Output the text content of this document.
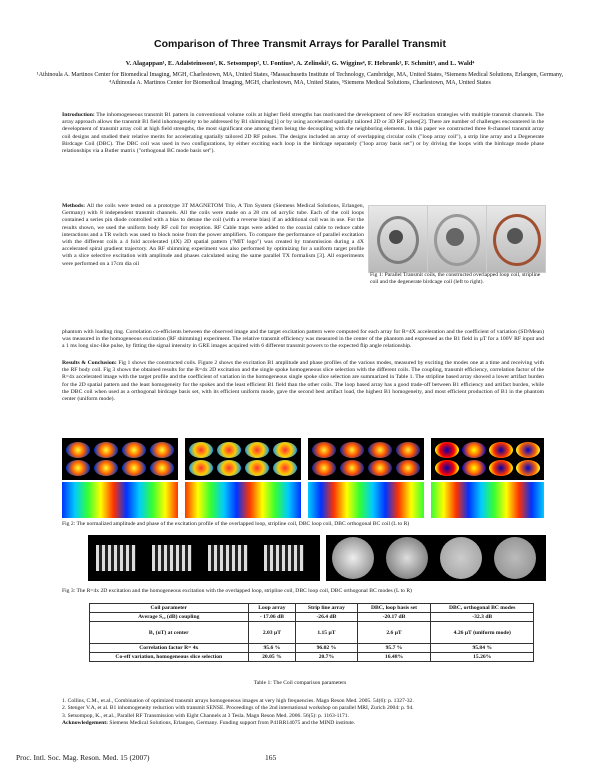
Comparison of Three Transmit Arrays for Parallel Transmit
V. Alagappan¹, E. Adalsteinsson², K. Setsompop², U. Fontius³, A. Zelinski², G. Wiggins⁴, F. Hebrank³, F. Schmitt³, and L. Wald⁴
¹Athinoula A. Martinos Center for Biomedical Imaging, MGH, Charlestown, MA, United States, ²Massachusetts Institute of Technology, Cambridge, MA, United States, ³Siemens Medical Solutions, Erlangen, Germany, ⁴Athinoula A. Martinos Center for Biomedical Imaging, MGH, charlestown, MA, United States, ⁵Siemens Medical Solutions, Charlestown, MA, United States
Introduction: The inhomogeneous transmit B1 pattern in conventional volume coils at higher field strengths has motivated the development of new RF excitation strategies with multiple transmit channels. The array approach allows the transmit B1 field inhomogeneity to be addressed by B1 shimming[1] or by using accelerated spatially tailored 2D or 3D RF pulses[2]. There are number of challenges encountered in the development of transmit array coil at high field strengths, the most significant one among them being the decoupling with the neighboring elements. In this paper we constructed three 8-channel transmit array coil designs and studied their relative merits for accelerating spatially tailored 2D RF pulses. The designs included an array of overlapping circular coils ("loop array coil"), a strip line array and a Degenerate Birdcage Coil (DBC). The DBC coil was used in two configurations, by either exciting each loop in the birdcage separately ("loop array basis set") or by driving the loops with the birdcage mode phase relationships via a Butler matrix ("orthogonal BC mode basis set").
Methods: All the coils were tested on a prototype 3T MAGNETOM Trio, A Tim System (Siemens Medical Solutions, Erlangen, Germany) with 8 independent transmit channels. All the coils were made on a 28 cm od acrylic tube. Each of the coil loops contained a series pin diode controlled with a bias to detune the coil (with a reverse bias) if an additional coil was in use. For the results shown, we used the uniform body RF coil for reception. RF Cable traps were added to the coaxial cable to reduce cable interactions and a TR switch was used to block noise from the power amplifiers. To compare the performance of parallel excitation with the different coils a 4 fold accelerated (4X) 2D spatial pattern ("MIT logo") was created by transmission during a 4X accelerated spiral gradient trajectory. An RF shimming experiment was also performed by optimizing for a uniform target profile with a slice selective excitation with amplitude and phases calculated using the same parallel TX formalism [3]. All experiments were performed on a 17cm dia oil
Fig 1: Parallel Transmit coils, the constructed overlapped loop coil, stripline coil and the degenerate birdcage coil (left to right).
phantom with loading ring. Correlation co-efficients between the observed image and the target excitation pattern were computed for each array for R=4X acceleration and the coefficient of variation (SD/Mean) was measured in the homogeneous excitation (RF shimming) experiment. The relative transmit efficiency was measured in the center of the phantom and expressed as the B1 field in µT for a 100V RF input and a 1 ms long sinc-like pulse, by fitting the signal intensity in GRE images acquired with 6 different transmit powers to the expected flip angle relationship.
Results & Conclusion: Fig 1 shows the constructed coils. Figure 2 shows the excitation B1 amplitude and phase profiles of the various modes, measured by exciting the modes one at a time and receiving with the RF body coil. Fig 3 shows the obtained results for the R=4x 2D excitation and the single spoke homogeneous slice selection with the different coils. The coupling, transmit efficiency, correlation factor of the R=4x accelerated image with the target profile and the coefficient of variation in the homogeneous single spoke slice selection are summarized in Table 1. The stripline based array showed a lower artifact burden for the 2D spatial pattern and the least homogeneity for the spokes and the least efficient B1 field than the other coils. The loop based array has a good trade-off between B1 efficiency and artifact burden, while the DBC coil when used as a orthogonal birdcage basis set, with its efficient uniform mode, gave the second best artifact load, the highest B1 homogeneity, and most efficient production of B1 in the phantom center (uniform mode).
Fig 2: The normalized amplitude and phase of the excitation profile of the overlapped loop, stripline coil, DBC loop coil, DBC orthogonal BC coil (L to R)
Fig 3: The R=4x 2D excitation and the homogeneous excitation with the overlapped loop, stripline coil, DBC loop coil, DBC orthogonal BC modes (L to R)
Coil parameter	Loop array	Strip line array	DBC, loop basis set	DBC, orthogonal BC modes
Average S₁₂ (dB) coupling	- 17.06 dB	-26.4 dB	-20.17 dB	-32.3 dB
B₁ (uT) at center	2.03 µT	1.15 µT	2.6 µT	4.26 µT (uniform mode)
Correlation factor R= 4x	95.6 %	96.02 %	95.7 %	95.84 %
Co-eff variation, homogeneous slice selection	20.05 %	20.7%	16.48%	15.26%
Table 1: The Coil comparison parameters
1. Collins, C.M., et.al., Combination of optimized transmit arrays homogeneous images at very high frequencies. Magn Reson Med. 2005. 54(6): p. 1327-32.
2. Stenger V.A, et al. B1 inhomogeneity reduction with transmit SENSE. Proceedings of the 2nd international workshop on parallel MRI, Zurich 2004: p. 94.
3. Setsompop, K., et.al., Parallel RF Transmission with Eight Channels at 3 Tesla. Magn Reson Med. 2006. 56(5): p. 1163-1171.
Acknowledgement: Siemens Medical Solutions, Erlangen, Germany. Funding support from P41RR14075 and the MIND institute.
Proc. Intl. Soc. Mag. Reson. Med. 15 (2007)	165
